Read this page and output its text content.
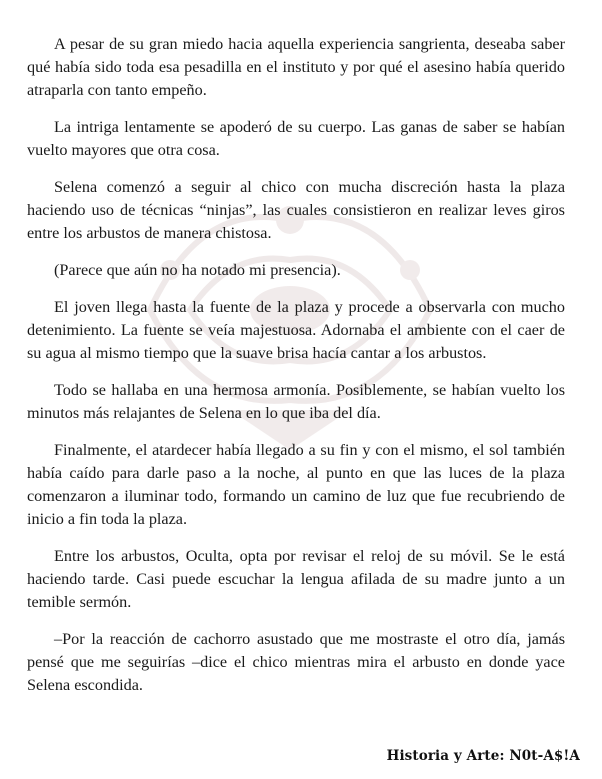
A pesar de su gran miedo hacia aquella experiencia sangrienta, deseaba saber qué había sido toda esa pesadilla en el instituto y por qué el asesino había querido atraparla con tanto empeño.

La intriga lentamente se apoderó de su cuerpo. Las ganas de saber se habían vuelto mayores que otra cosa.

Selena comenzó a seguir al chico con mucha discreción hasta la plaza haciendo uso de técnicas “ninjas”, las cuales consistieron en realizar leves giros entre los arbustos de manera chistosa.

(Parece que aún no ha notado mi presencia).

El joven llega hasta la fuente de la plaza y procede a observarla con mucho detenimiento. La fuente se veía majestuosa. Adornaba el ambiente con el caer de su agua al mismo tiempo que la suave brisa hacía cantar a los arbustos.

Todo se hallaba en una hermosa armonía. Posiblemente, se habían vuelto los minutos más relajantes de Selena en lo que iba del día.

Finalmente, el atardecer había llegado a su fin y con el mismo, el sol también había caído para darle paso a la noche, al punto en que las luces de la plaza comenzaron a iluminar todo, formando un camino de luz que fue recubriendo de inicio a fin toda la plaza.

Entre los arbustos, Oculta, opta por revisar el reloj de su móvil. Se le está haciendo tarde. Casi puede escuchar la lengua afilada de su madre junto a un temible sermón.

–Por la reacción de cachorro asustado que me mostraste el otro día, jamás pensé que me seguirías –dice el chico mientras mira el arbusto en donde yace Selena escondida.

Historia y Arte: N0t-A$!A
